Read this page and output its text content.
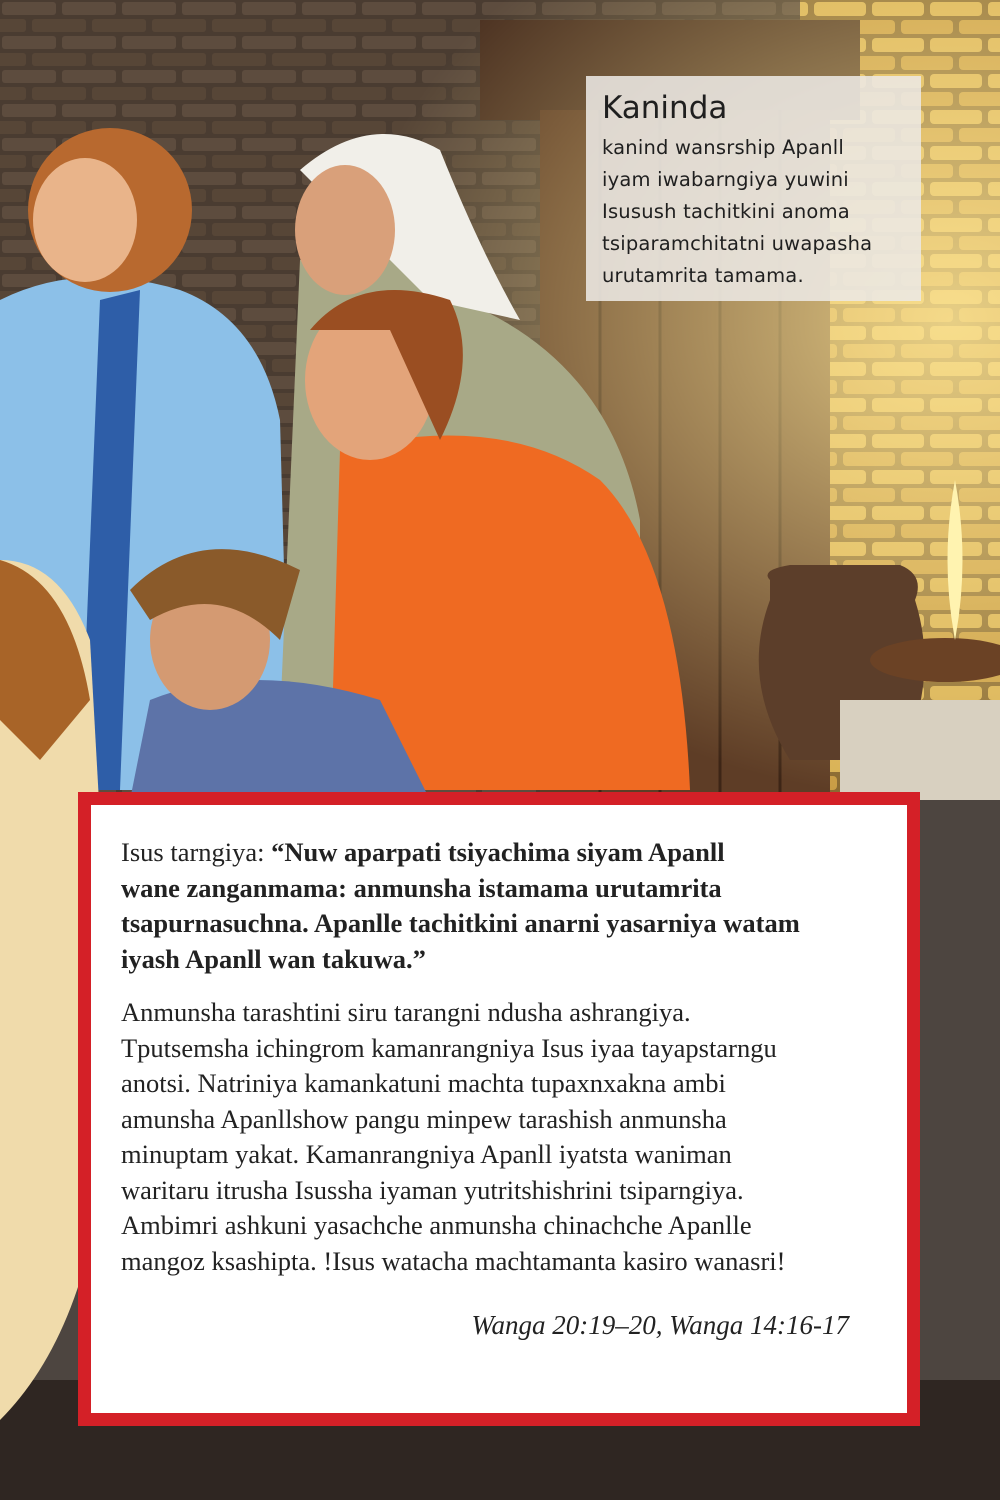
Kaninda
kanind wansrship Apanll
iyam iwabarngiya yuwini
Isusush tachitkini anoma
tsiparamchitatni uwapasha
urutamrita tamama.
Isus tarngiya: “Nuw aparpati tsiyachima siyam Apanll
wane zanganmama: anmunsha istamama urutamrita
tsapurnasuchna. Apanlle tachitkini anarni yasarniya watam
iyash Apanll wan takuwa.”
Anmunsha tarashtini siru tarangni ndusha ashrangiya.
Tputsemsha ichingrom kamanrangniya Isus iyaa tayapstarngu
anotsi. Natriniya kamankatuni machta tupaxnxakna ambi
amunsha Apanllshow pangu minpew tarashish anmunsha
minuptam yakat. Kamanrangniya Apanll iyatsta waniman
waritaru itrusha Isussha iyaman yutritshishrini tsiparngiya.
Ambimri ashkuni yasachche anmunsha chinachche Apanlle
mangoz ksashipta. !Isus watacha machtamanta kasiro wanasri!
Wanga 20:19–20, Wanga 14:16-17
